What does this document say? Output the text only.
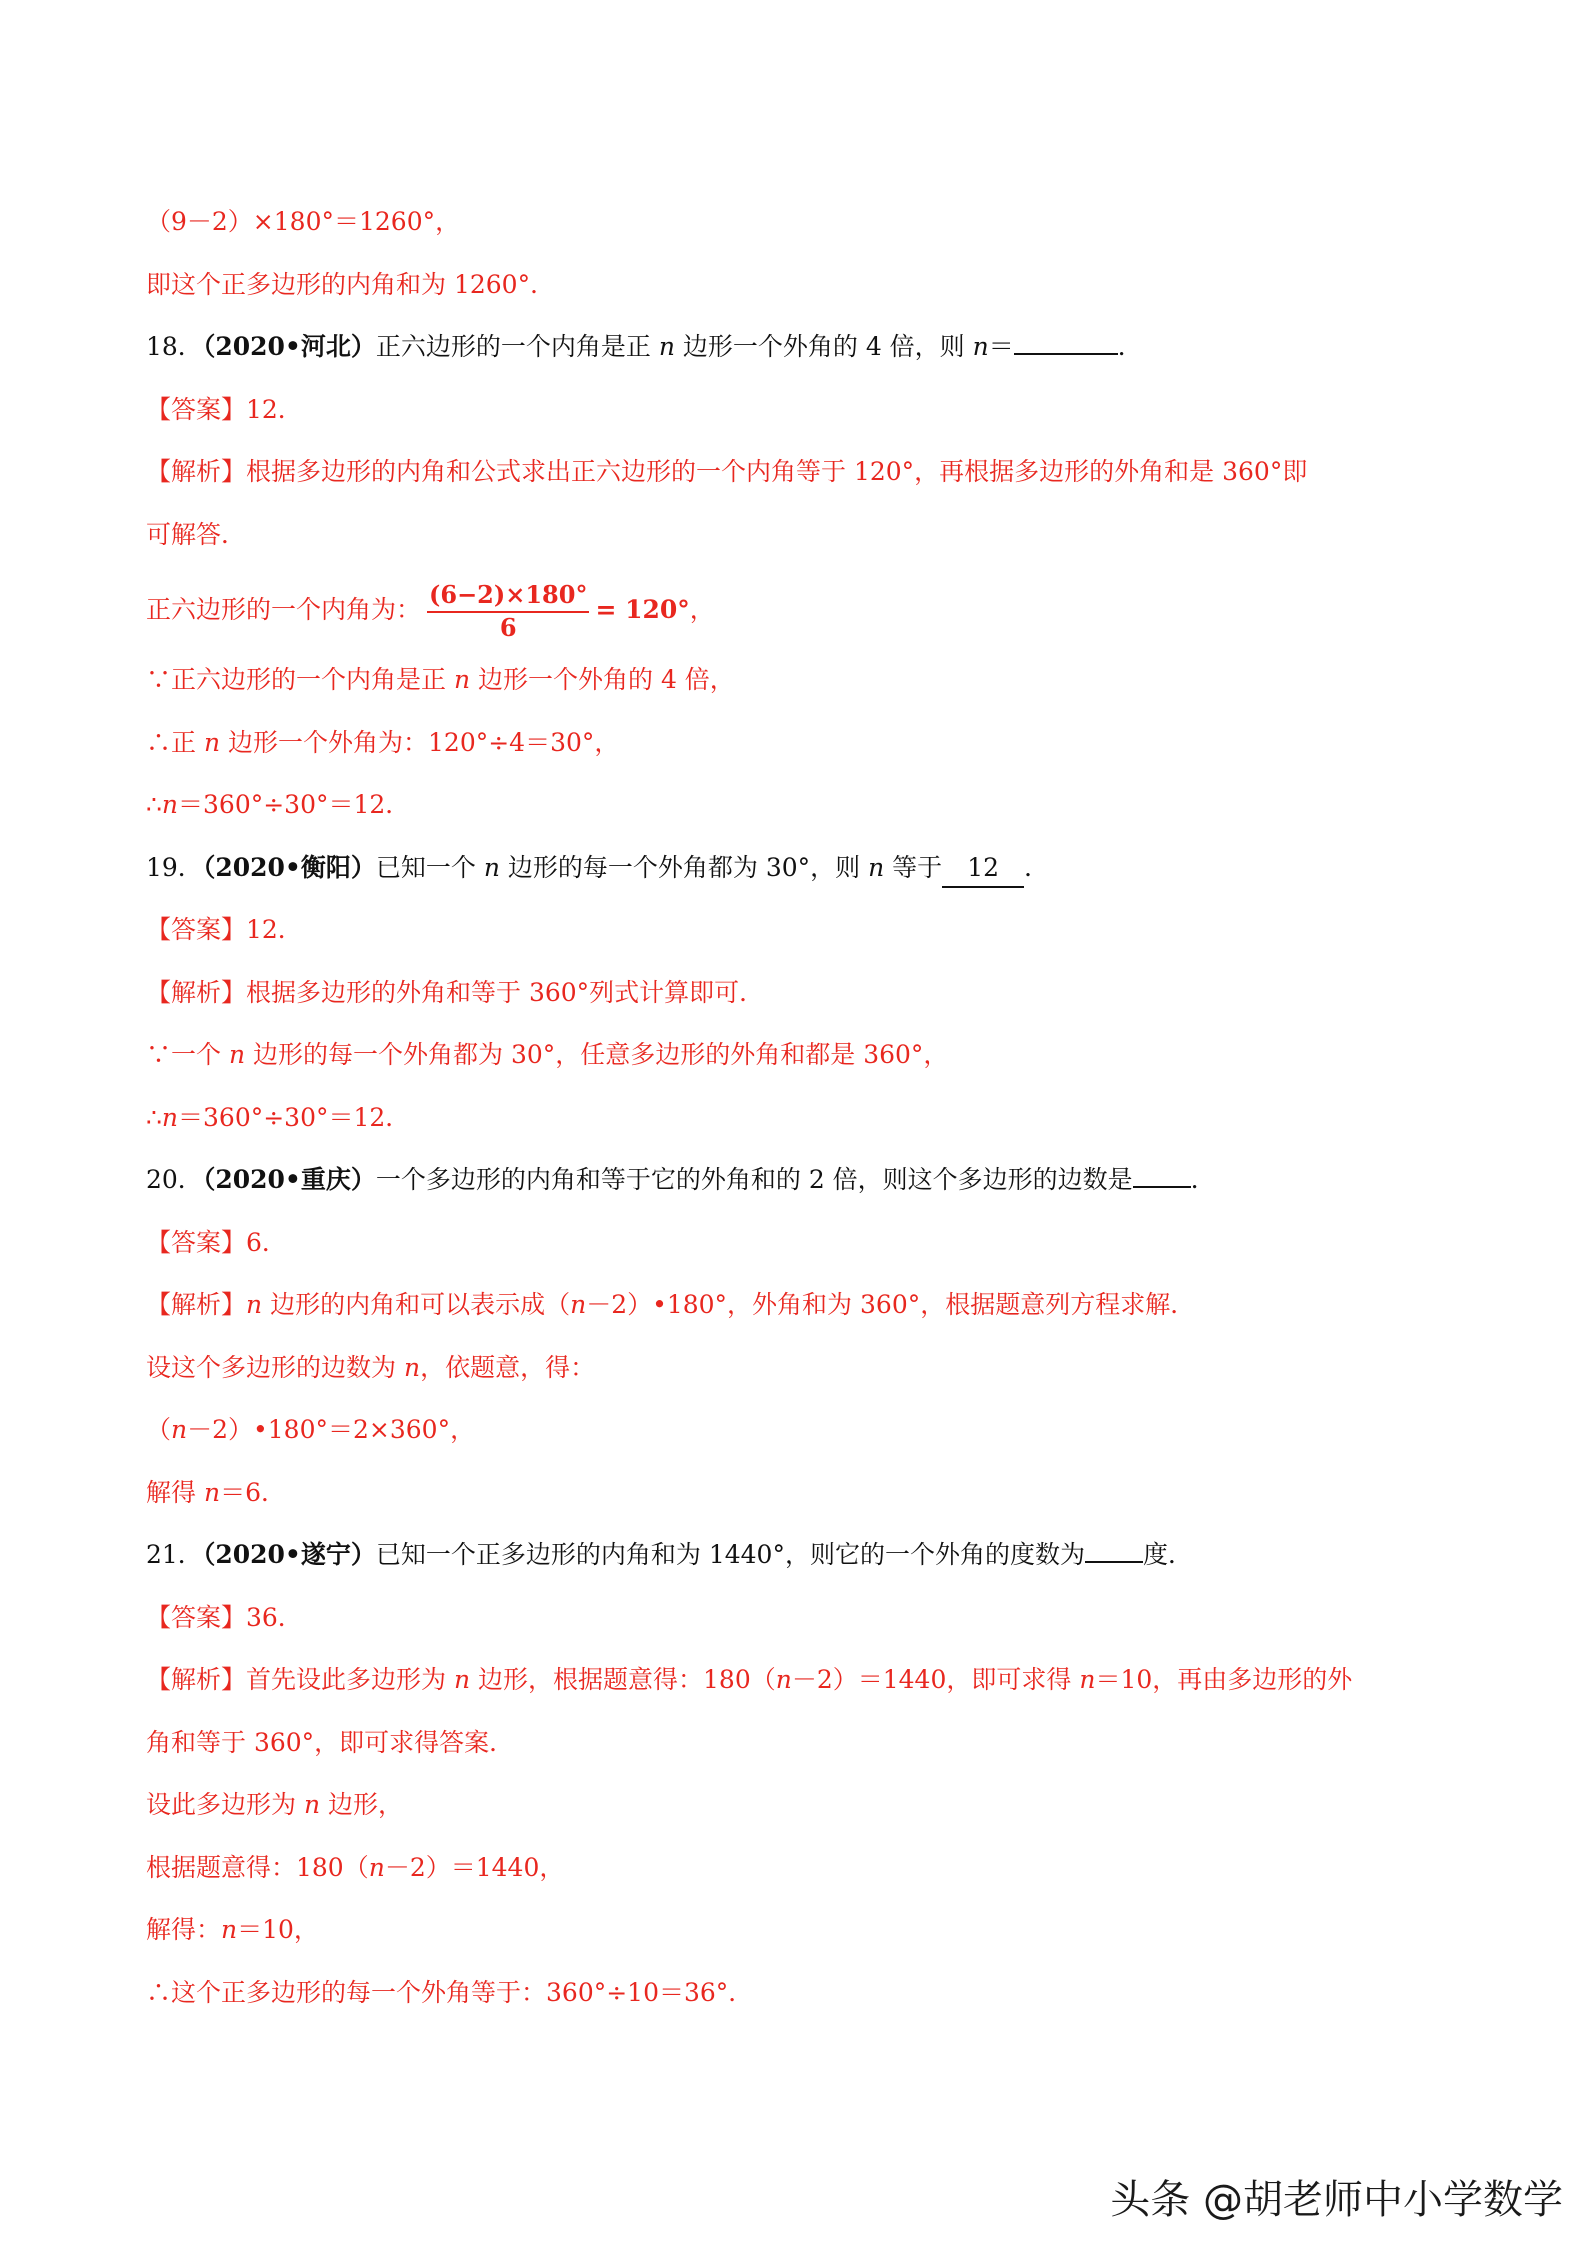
（9－2）×180°＝1260°，
即这个正多边形的内角和为 1260°．
18．（2020•河北）正六边形的一个内角是正 n 边形一个外角的 4 倍，则 n＝	．
【答案】12．
【解析】根据多边形的内角和公式求出正六边形的一个内角等于 120°，再根据多边形的外角和是 360°即
可解答．
正六边形的一个内角为： $\frac{(6-2)\times 180^\circ}{6} = 120^\circ$，
∵正六边形的一个内角是正 n 边形一个外角的 4 倍，
∴正 n 边形一个外角为：120°÷4＝30°，
∴n＝360°÷30°＝12．
19．（2020•衡阳）已知一个 n 边形的每一个外角都为 30°，则 n 等于 12 ．
【答案】12．
【解析】根据多边形的外角和等于 360°列式计算即可．
∵一个 n 边形的每一个外角都为 30°，任意多边形的外角和都是 360°，
∴n＝360°÷30°＝12．
20．（2020•重庆）一个多边形的内角和等于它的外角和的 2 倍，则这个多边形的边数是 ．
【答案】6．
【解析】n 边形的内角和可以表示成（n－2）•180°，外角和为 360°，根据题意列方程求解．
设这个多边形的边数为 n，依题意，得：
（n－2）•180°＝2×360°，
解得 n＝6．
21．（2020•遂宁）已知一个正多边形的内角和为 1440°，则它的一个外角的度数为 度．
【答案】36．
【解析】首先设此多边形为 n 边形，根据题意得：180（n－2）＝1440，即可求得 n＝10，再由多边形的外
角和等于 360°，即可求得答案．
设此多边形为 n 边形，
根据题意得：180（n－2）＝1440，
解得：n＝10，
∴这个正多边形的每一个外角等于：360°÷10＝36°．
头条 @胡老师中小学数学
